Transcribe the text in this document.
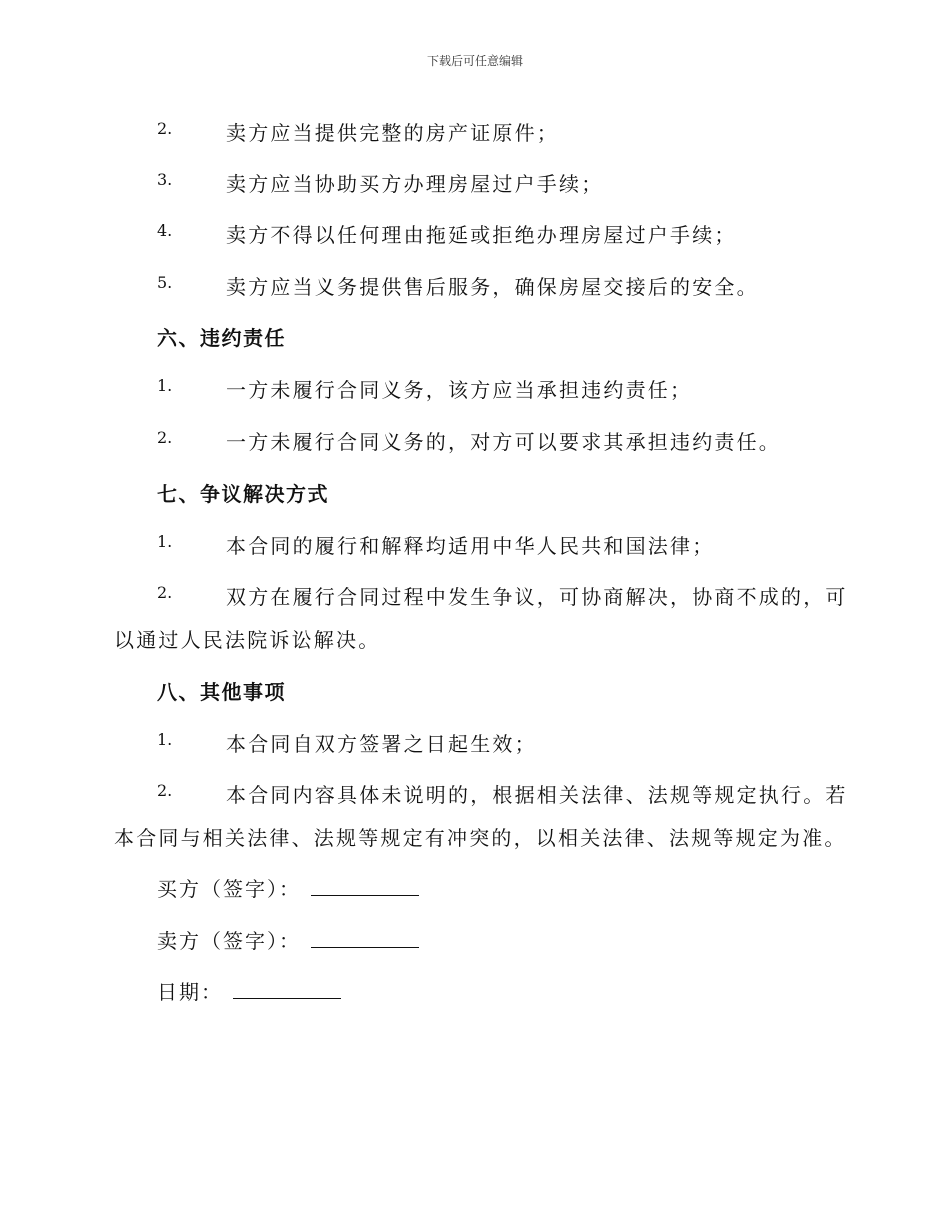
下载后可任意编辑
2.	卖方应当提供完整的房产证原件；
3.	卖方应当协助买方办理房屋过户手续；
4.	卖方不得以任何理由拖延或拒绝办理房屋过户手续；
5.	卖方应当义务提供售后服务，确保房屋交接后的安全。
六、违约责任
1.	一方未履行合同义务，该方应当承担违约责任；
2.	一方未履行合同义务的，对方可以要求其承担违约责任。
七、争议解决方式
1.	本合同的履行和解释均适用中华人民共和国法律；
2.	双方在履行合同过程中发生争议，可协商解决，协商不成的，可
以通过人民法院诉讼解决。
八、其他事项
1.	本合同自双方签署之日起生效；
2.	本合同内容具体未说明的，根据相关法律、法规等规定执行。若
本合同与相关法律、法规等规定有冲突的，以相关法律、法规等规定为准。
买方（签字）：
卖方（签字）：
日期：
